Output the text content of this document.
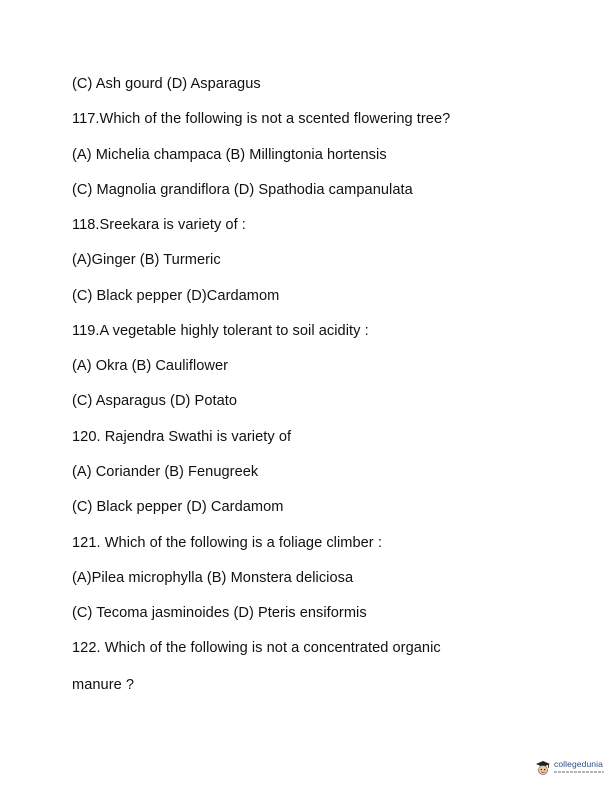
(C) Ash gourd (D) Asparagus
117.Which of the following is not a scented flowering tree?
(A) Michelia champaca (B) Millingtonia hortensis
(C) Magnolia grandiflora (D) Spathodia campanulata
118.Sreekara is variety of :
(A)Ginger (B) Turmeric
(C) Black pepper (D)Cardamom
119.A vegetable highly tolerant to soil acidity :
(A) Okra (B) Cauliflower
(C) Asparagus (D) Potato
120. Rajendra Swathi is variety of
(A) Coriander (B) Fenugreek
(C) Black pepper (D) Cardamom
121. Which of the following is a foliage climber :
(A)Pilea microphylla (B) Monstera deliciosa
(C) Tecoma jasminoides (D) Pteris ensiformis
122. Which of the following is not a concentrated organic
manure ?
collegedunia
